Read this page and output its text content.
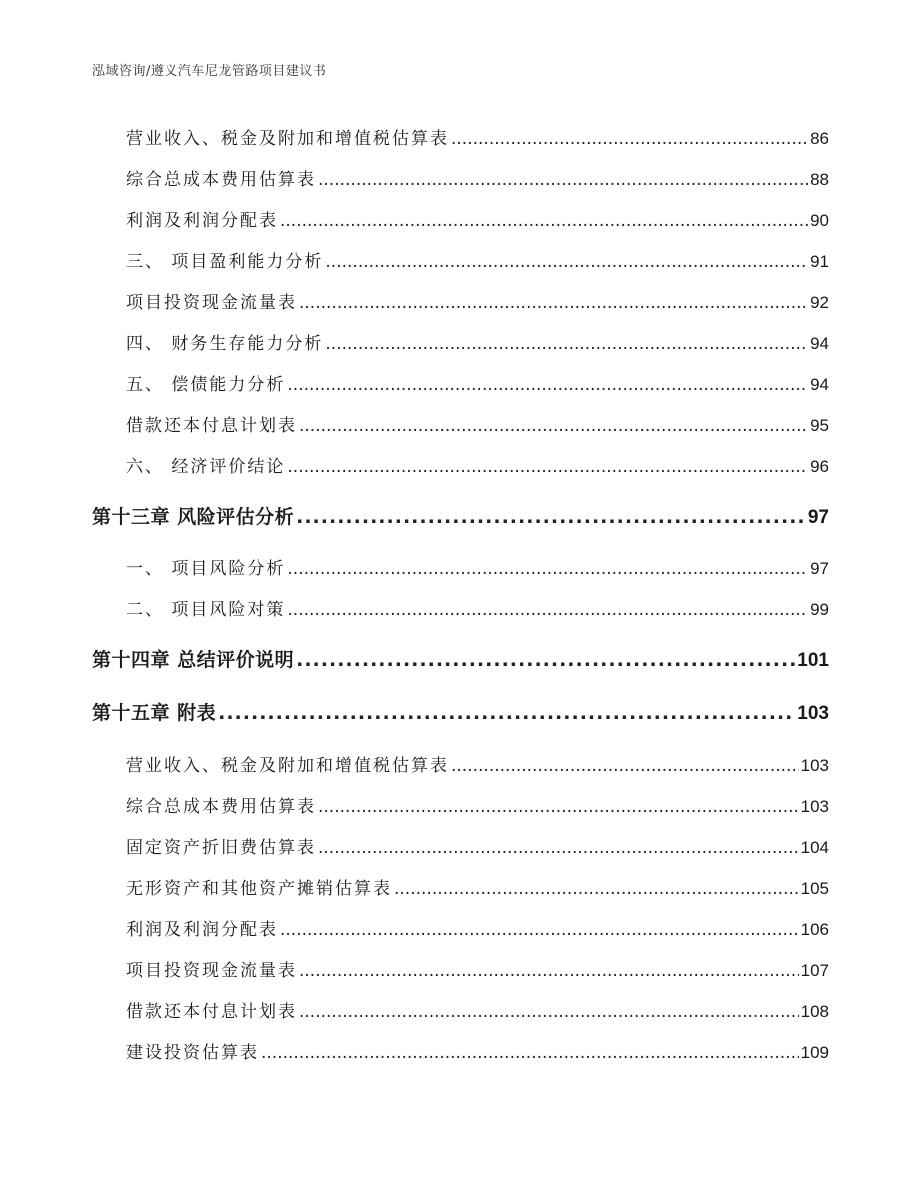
泓域咨询/遵义汽车尼龙管路项目建议书
营业收入、税金及附加和增值税估算表 .....	86
综合总成本费用估算表 .....	88
利润及利润分配表 .....	90
三、 项目盈利能力分析 .....	91
项目投资现金流量表 .....	92
四、 财务生存能力分析 .....	94
五、 偿债能力分析 .....	94
借款还本付息计划表 .....	95
六、 经济评价结论 .....	96
第十三章 风险评估分析 .....	97
一、 项目风险分析 .....	97
二、 项目风险对策 .....	99
第十四章 总结评价说明 .....	101
第十五章 附表 .....	103
营业收入、税金及附加和增值税估算表 .....	103
综合总成本费用估算表 .....	103
固定资产折旧费估算表 .....	104
无形资产和其他资产摊销估算表 .....	105
利润及利润分配表 .....	106
项目投资现金流量表 .....	107
借款还本付息计划表 .....	108
建设投资估算表 .....	109
